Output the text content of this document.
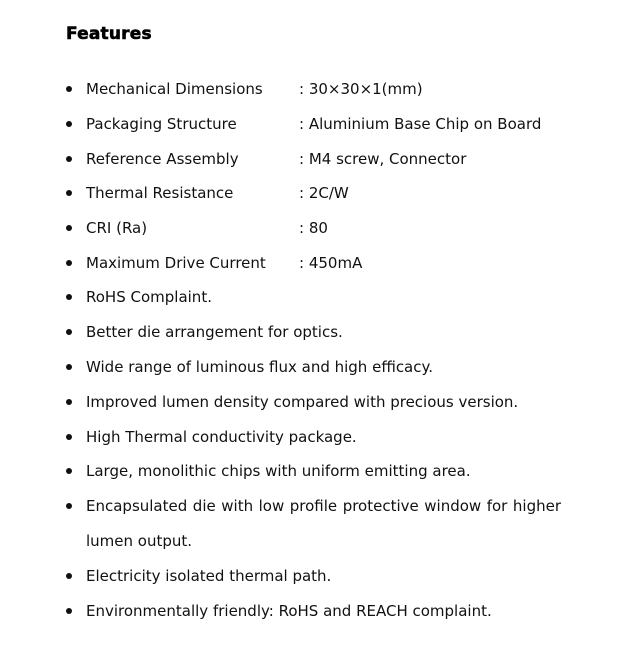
Features
Mechanical Dimensions : 30×30×1(mm)
Packaging Structure	: Aluminium Base Chip on Board
Reference Assembly	: M4 screw, Connector
Thermal Resistance	: 2C/W
CRI (Ra)	: 80
Maximum Drive Current : 450mA
RoHS Complaint.
Better die arrangement for optics.
Wide range of luminous flux and high efficacy.
Improved lumen density compared with precious version.
High Thermal conductivity package.
Large, monolithic chips with uniform emitting area.
Encapsulated die with low profile protective window for higher
lumen output.
Electricity isolated thermal path.
Environmentally friendly: RoHS and REACH complaint.
